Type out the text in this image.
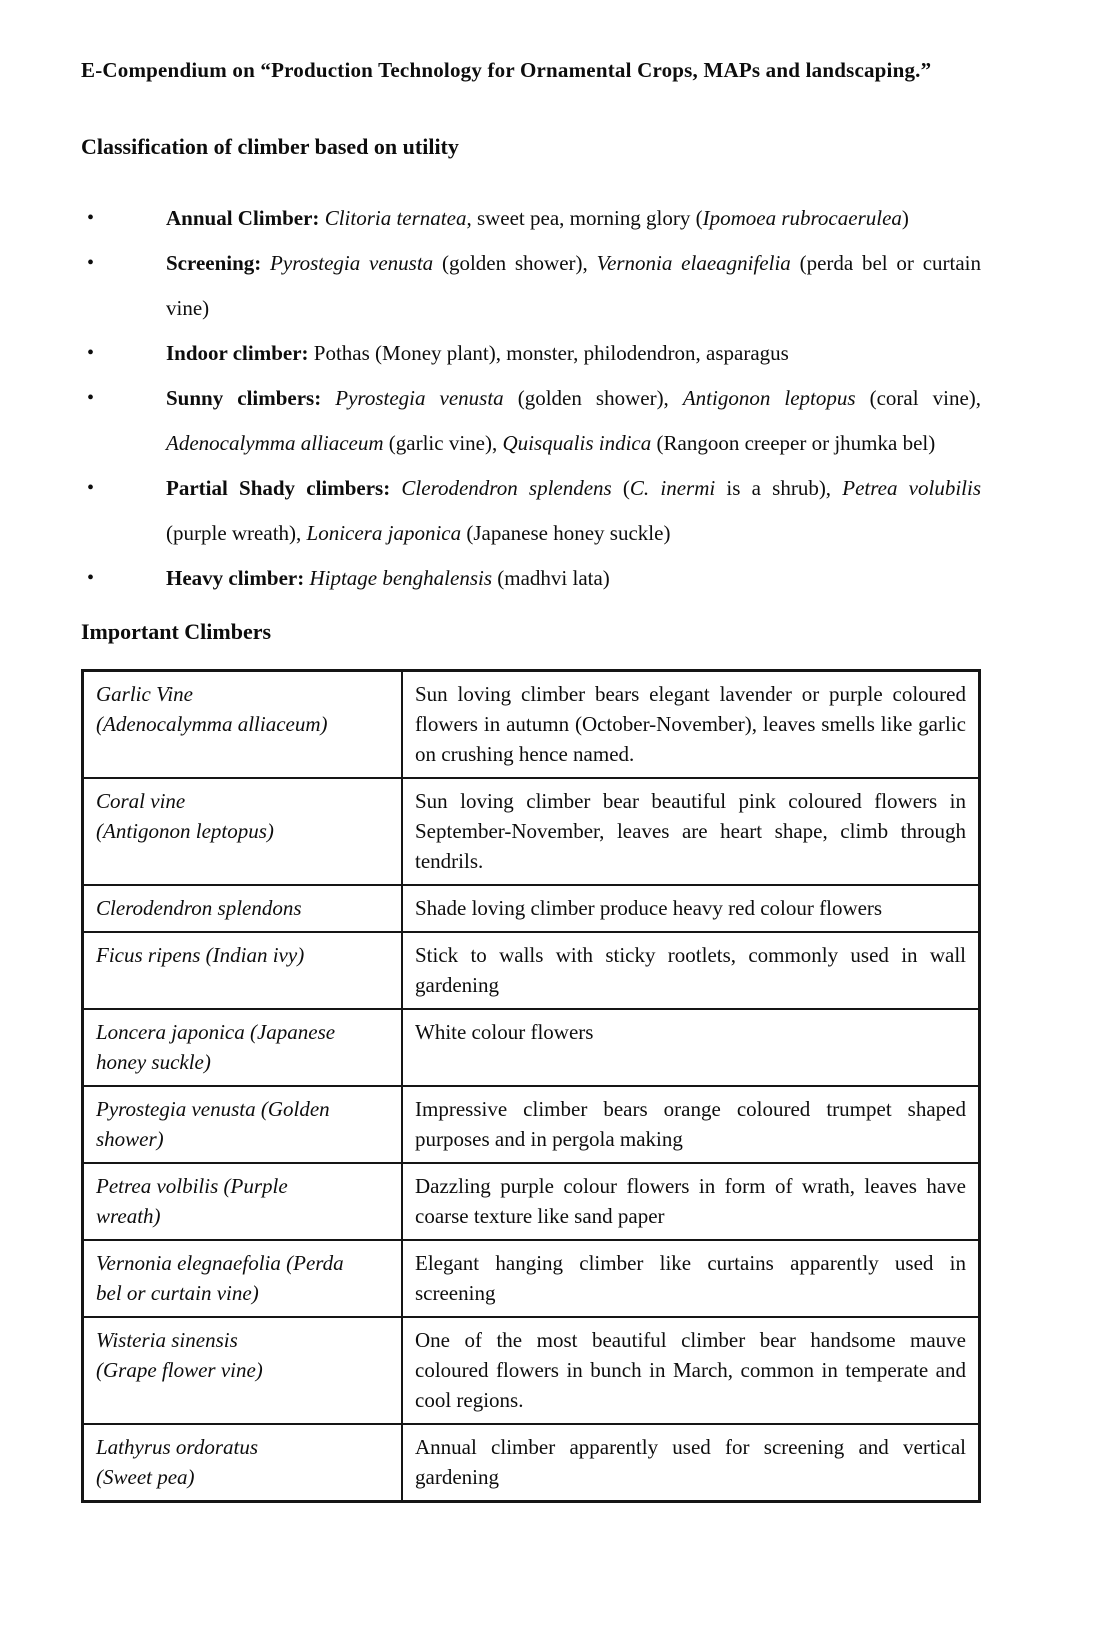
E-Compendium on “Production Technology for Ornamental Crops, MAPs and landscaping.”
Classification of climber based on utility
•	Annual Climber: Clitoria ternatea, sweet pea, morning glory (Ipomoea rubrocaerulea)
•	Screening: Pyrostegia venusta (golden shower), Vernonia elaeagnifelia (perda bel or curtain vine)
•	Indoor climber: Pothas (Money plant), monster, philodendron, asparagus
•	Sunny climbers: Pyrostegia venusta (golden shower), Antigonon leptopus (coral vine), Adenocalymma alliaceum (garlic vine), Quisqualis indica (Rangoon creeper or jhumka bel)
•	Partial Shady climbers: Clerodendron splendens (C. inermi is a shrub), Petrea volubilis (purple wreath), Lonicera japonica (Japanese honey suckle)
•	Heavy climber: Hiptage benghalensis (madhvi lata)
Important Climbers
Garlic Vine
(Adenocalymma alliaceum)	Sun loving climber bears elegant lavender or purple coloured flowers in autumn (October-November), leaves smells like garlic on crushing hence named.

Coral vine
(Antigonon leptopus)	Sun loving climber bear beautiful pink coloured flowers in September-November, leaves are heart shape, climb through tendrils.

Clerodendron splendons	Shade loving climber produce heavy red colour flowers

Ficus ripens (Indian ivy)	Stick to walls with sticky rootlets, commonly used in wall gardening

Loncera japonica (Japanese
honey suckle)	White colour flowers

Pyrostegia venusta (Golden
shower)	Impressive climber bears orange coloured trumpet shaped purposes and in pergola making

Petrea volbilis (Purple
wreath)	Dazzling purple colour flowers in form of wrath, leaves have coarse texture like sand paper

Vernonia elegnaefolia (Perda
bel or curtain vine)	Elegant hanging climber like curtains apparently used in screening

Wisteria sinensis
(Grape flower vine)	One of the most beautiful climber bear handsome mauve coloured flowers in bunch in March, common in temperate and cool regions.

Lathyrus ordoratus
(Sweet pea)	Annual climber apparently used for screening and vertical gardening
